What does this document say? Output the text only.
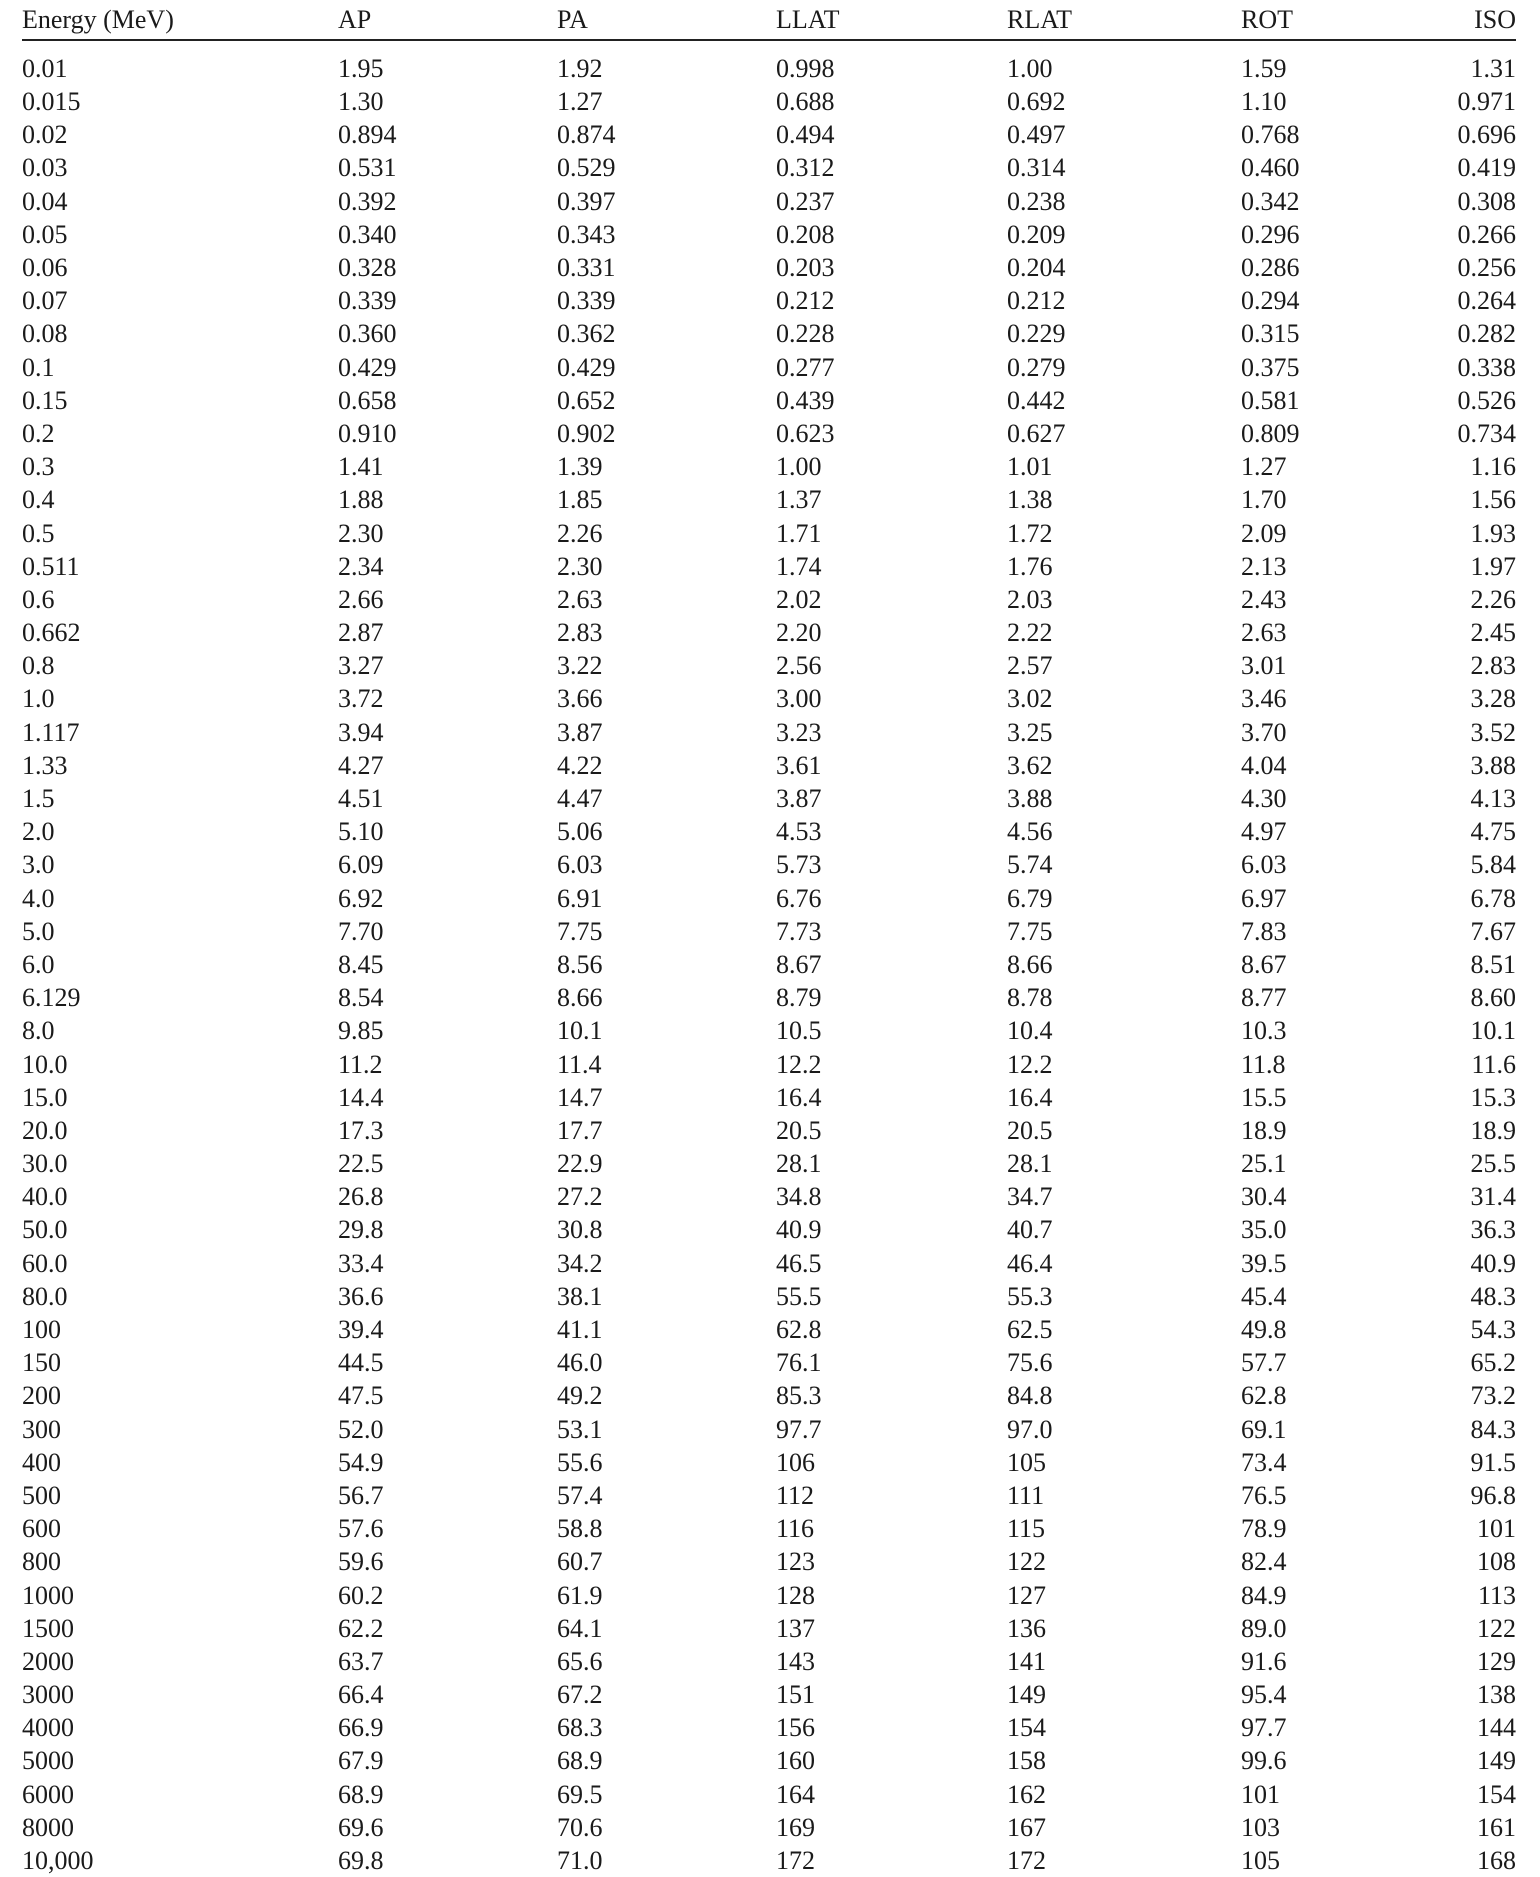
Energy (MeV)	AP	PA	LLAT	RLAT	ROT	ISO
0.01	1.95	1.92	0.998	1.00	1.59	1.31
0.015	1.30	1.27	0.688	0.692	1.10	0.971
0.02	0.894	0.874	0.494	0.497	0.768	0.696
0.03	0.531	0.529	0.312	0.314	0.460	0.419
0.04	0.392	0.397	0.237	0.238	0.342	0.308
0.05	0.340	0.343	0.208	0.209	0.296	0.266
0.06	0.328	0.331	0.203	0.204	0.286	0.256
0.07	0.339	0.339	0.212	0.212	0.294	0.264
0.08	0.360	0.362	0.228	0.229	0.315	0.282
0.1	0.429	0.429	0.277	0.279	0.375	0.338
0.15	0.658	0.652	0.439	0.442	0.581	0.526
0.2	0.910	0.902	0.623	0.627	0.809	0.734
0.3	1.41	1.39	1.00	1.01	1.27	1.16
0.4	1.88	1.85	1.37	1.38	1.70	1.56
0.5	2.30	2.26	1.71	1.72	2.09	1.93
0.511	2.34	2.30	1.74	1.76	2.13	1.97
0.6	2.66	2.63	2.02	2.03	2.43	2.26
0.662	2.87	2.83	2.20	2.22	2.63	2.45
0.8	3.27	3.22	2.56	2.57	3.01	2.83
1.0	3.72	3.66	3.00	3.02	3.46	3.28
1.117	3.94	3.87	3.23	3.25	3.70	3.52
1.33	4.27	4.22	3.61	3.62	4.04	3.88
1.5	4.51	4.47	3.87	3.88	4.30	4.13
2.0	5.10	5.06	4.53	4.56	4.97	4.75
3.0	6.09	6.03	5.73	5.74	6.03	5.84
4.0	6.92	6.91	6.76	6.79	6.97	6.78
5.0	7.70	7.75	7.73	7.75	7.83	7.67
6.0	8.45	8.56	8.67	8.66	8.67	8.51
6.129	8.54	8.66	8.79	8.78	8.77	8.60
8.0	9.85	10.1	10.5	10.4	10.3	10.1
10.0	11.2	11.4	12.2	12.2	11.8	11.6
15.0	14.4	14.7	16.4	16.4	15.5	15.3
20.0	17.3	17.7	20.5	20.5	18.9	18.9
30.0	22.5	22.9	28.1	28.1	25.1	25.5
40.0	26.8	27.2	34.8	34.7	30.4	31.4
50.0	29.8	30.8	40.9	40.7	35.0	36.3
60.0	33.4	34.2	46.5	46.4	39.5	40.9
80.0	36.6	38.1	55.5	55.3	45.4	48.3
100	39.4	41.1	62.8	62.5	49.8	54.3
150	44.5	46.0	76.1	75.6	57.7	65.2
200	47.5	49.2	85.3	84.8	62.8	73.2
300	52.0	53.1	97.7	97.0	69.1	84.3
400	54.9	55.6	106	105	73.4	91.5
500	56.7	57.4	112	111	76.5	96.8
600	57.6	58.8	116	115	78.9	101
800	59.6	60.7	123	122	82.4	108
1000	60.2	61.9	128	127	84.9	113
1500	62.2	64.1	137	136	89.0	122
2000	63.7	65.6	143	141	91.6	129
3000	66.4	67.2	151	149	95.4	138
4000	66.9	68.3	156	154	97.7	144
5000	67.9	68.9	160	158	99.6	149
6000	68.9	69.5	164	162	101	154
8000	69.6	70.6	169	167	103	161
10,000	69.8	71.0	172	172	105	168
